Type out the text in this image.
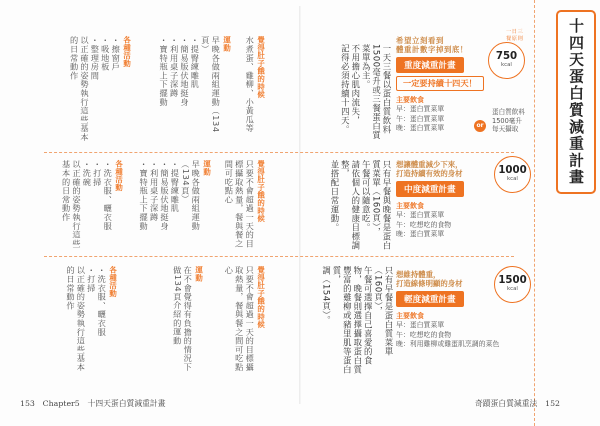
十四天蛋白質減重計畫
一日三餐原則
希望立刻看到
體重計數字掉到底！
重度減重計畫
一定要持續十四天！
主要飲食
早：蛋白質菜單
午：蛋白質菜單
晚：蛋白質菜單
750
kcal
or
蛋白質飲料
1500毫升
每天攝取
想讓體重減少下來，
打造持續有效的身材
中度減重計畫
主要飲食
早：蛋白質菜單
午：吃想吃的食物
晚：蛋白質菜單
1000
kcal
想維持體重，
打造線條明顯的身材
輕度減重計畫
主要飲食
早：蛋白質菜單
午：吃想吃的食物
晚：利用雞柳或雞蛋肌烹調的菜色
1500
kcal
一天三餐以蛋白質飲料1500毫升或三餐蛋白質菜單為主。
不用擔心肌肉流失，
記得必須持續十四天。
只有早餐與晚餐是蛋白質菜單（160頁），
午餐可以隨意吃。
請依個人的健康目標調整，
並搭配日常運動。
只有早餐是蛋白質菜單（160頁），
午餐可選擇自己喜愛的食物，晚餐則選擇攝取蛋白質豐富的雞柳或豬里肌等蛋白質，
調（154頁）。

覺得肚子餓的時候
水煮蛋、雞柳、小黃瓜等

運動
早晚各做兩組運動（134頁）
・提臀練雕肌
・簡易版伏地挺身
・利用桌子深蹲
・寶特瓶上下擺動

各種活動
・擦窗戶
・吸地板
・整理房間
以正確的姿勢執行這些基本的日常動作

覺得肚子餓的時候
只要不會超過一天的目標攝取熱量，餐與餐之間可吃點心

運動
早晚各做兩組運動（134頁）
・提臀練雕肌
・簡易版伏地挺身
・利用桌子深蹲
・寶特瓶上下擺動

各種活動
・洗衣服、曬衣服
・打掃
・洗碗
以正確的姿勢執行這些基本的日常動作

覺得肚子餓的時候
只要不會超過一天的目標攝取熱量，餐與餐之間可吃點心

運動
在不會覺得有負擔的情況下做134頁介紹的運動

各種活動
・洗衣服、曬衣服
・打掃
以正確的姿勢執行這些基本的日常動作

153　Chapter5　十四天蛋白質減重計畫	奇蹟蛋白質減重法　152
